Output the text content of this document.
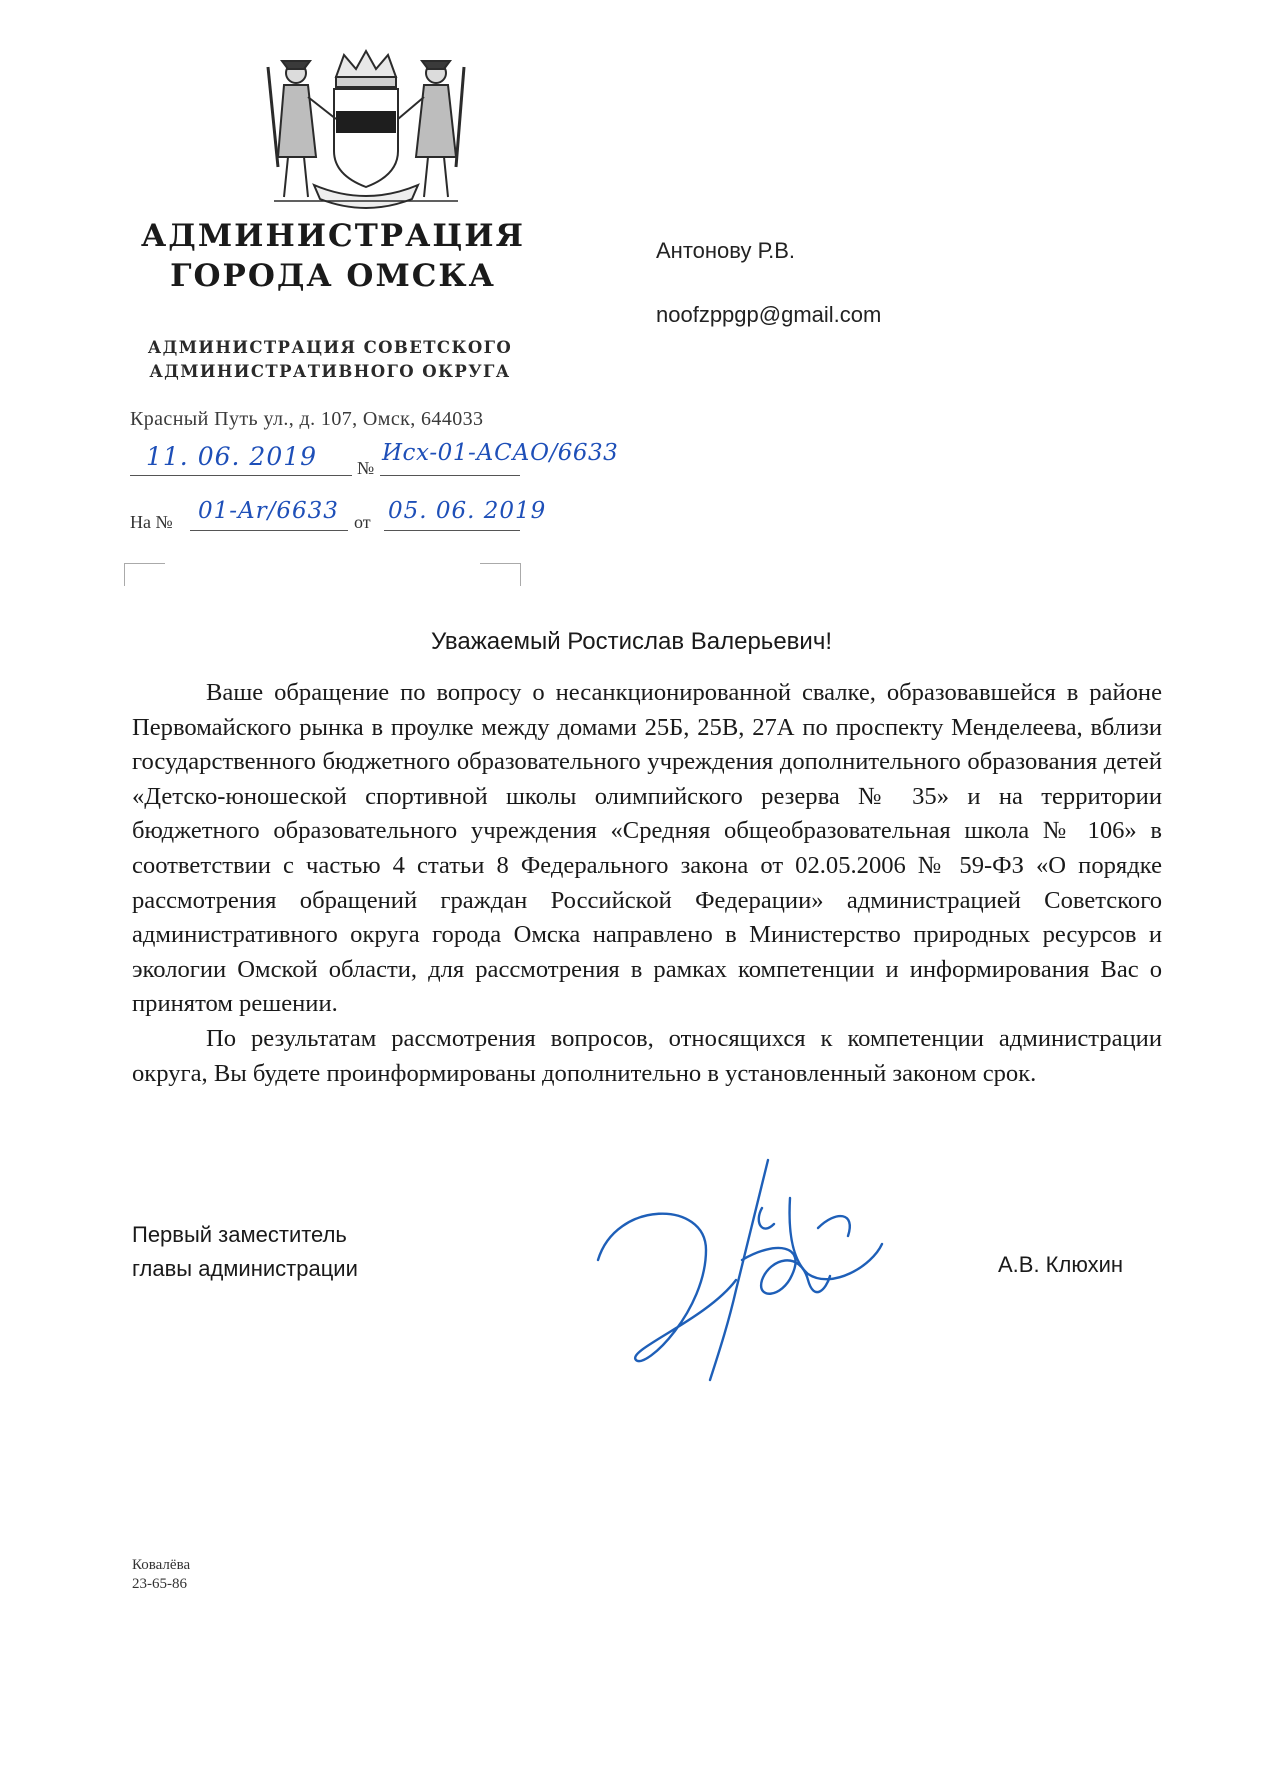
АДМИНИСТРАЦИЯ
ГОРОДА ОМСКА
АДМИНИСТРАЦИЯ СОВЕТСКОГО
АДМИНИСТРАТИВНОГО ОКРУГА
Красный Путь ул., д. 107, Омск, 644033
11. 06. 2019 №
Исх-01-АСАО/6633
На № 01-Ar/6633 от 05. 06. 2019
Антонову Р.В.
noofzppgp@gmail.com
Уважаемый Ростислав Валерьевич!

Ваше обращение по вопросу о несанкционированной свалке, образовавшейся в районе Первомайского рынка в проулке между домами 25Б, 25В, 27А по проспекту Менделеева, вблизи государственного бюджетного образовательного учреждения дополнительного образования детей «Детско-юношеской спортивной школы олимпийского резерва № 35» и на территории бюджетного образовательного учреждения «Средняя общеобразовательная школа № 106» в соответствии с частью 4 статьи 8 Федерального закона от 02.05.2006 № 59-ФЗ «О порядке рассмотрения обращений граждан Российской Федерации» администрацией Советского административного округа города Омска направлено в Министерство природных ресурсов и экологии Омской области, для рассмотрения в рамках компетенции и информирования Вас о принятом решении.

По результатам рассмотрения вопросов, относящихся к компетенции администрации округа, Вы будете проинформированы дополнительно в установленный законом срок.

Первый заместитель
главы администрации	А.В. Клюхин
Ковалёва
23-65-86
